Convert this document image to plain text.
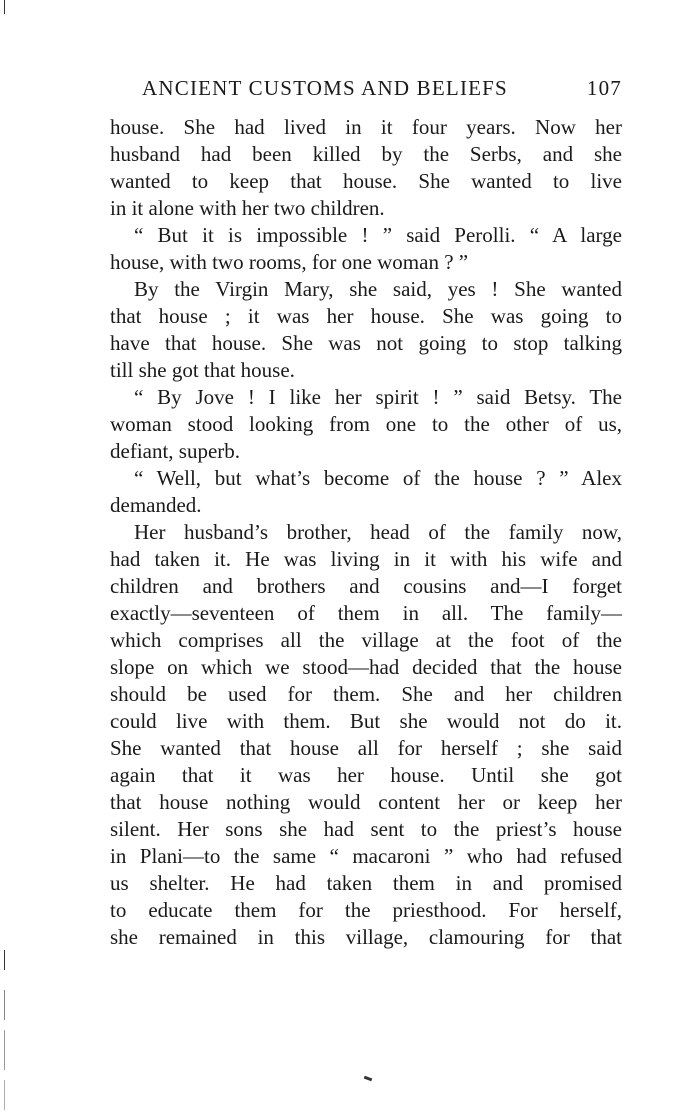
ANCIENT CUSTOMS AND BELIEFS	107
house. She had lived in it four years. Now her
husband had been killed by the Serbs, and she
wanted to keep that house. She wanted to live
in it alone with her two children.
“ But it is impossible ! ” said Perolli. “ A large
house, with two rooms, for one woman ? ”
By the Virgin Mary, she said, yes ! She wanted
that house ; it was her house. She was going to
have that house. She was not going to stop talking
till she got that house.
“ By Jove ! I like her spirit ! ” said Betsy. The
woman stood looking from one to the other of us,
defiant, superb.
“ Well, but what’s become of the house ? ” Alex
demanded.
Her husband’s brother, head of the family now,
had taken it. He was living in it with his wife and
children and brothers and cousins and—I forget
exactly—seventeen of them in all. The family—
which comprises all the village at the foot of the
slope on which we stood—had decided that the house
should be used for them. She and her children
could live with them. But she would not do it.
She wanted that house all for herself ; she said
again that it was her house. Until she got
that house nothing would content her or keep her
silent. Her sons she had sent to the priest’s house
in Plani—to the same “ macaroni ” who had refused
us shelter. He had taken them in and promised
to educate them for the priesthood. For herself,
she remained in this village, clamouring for that
